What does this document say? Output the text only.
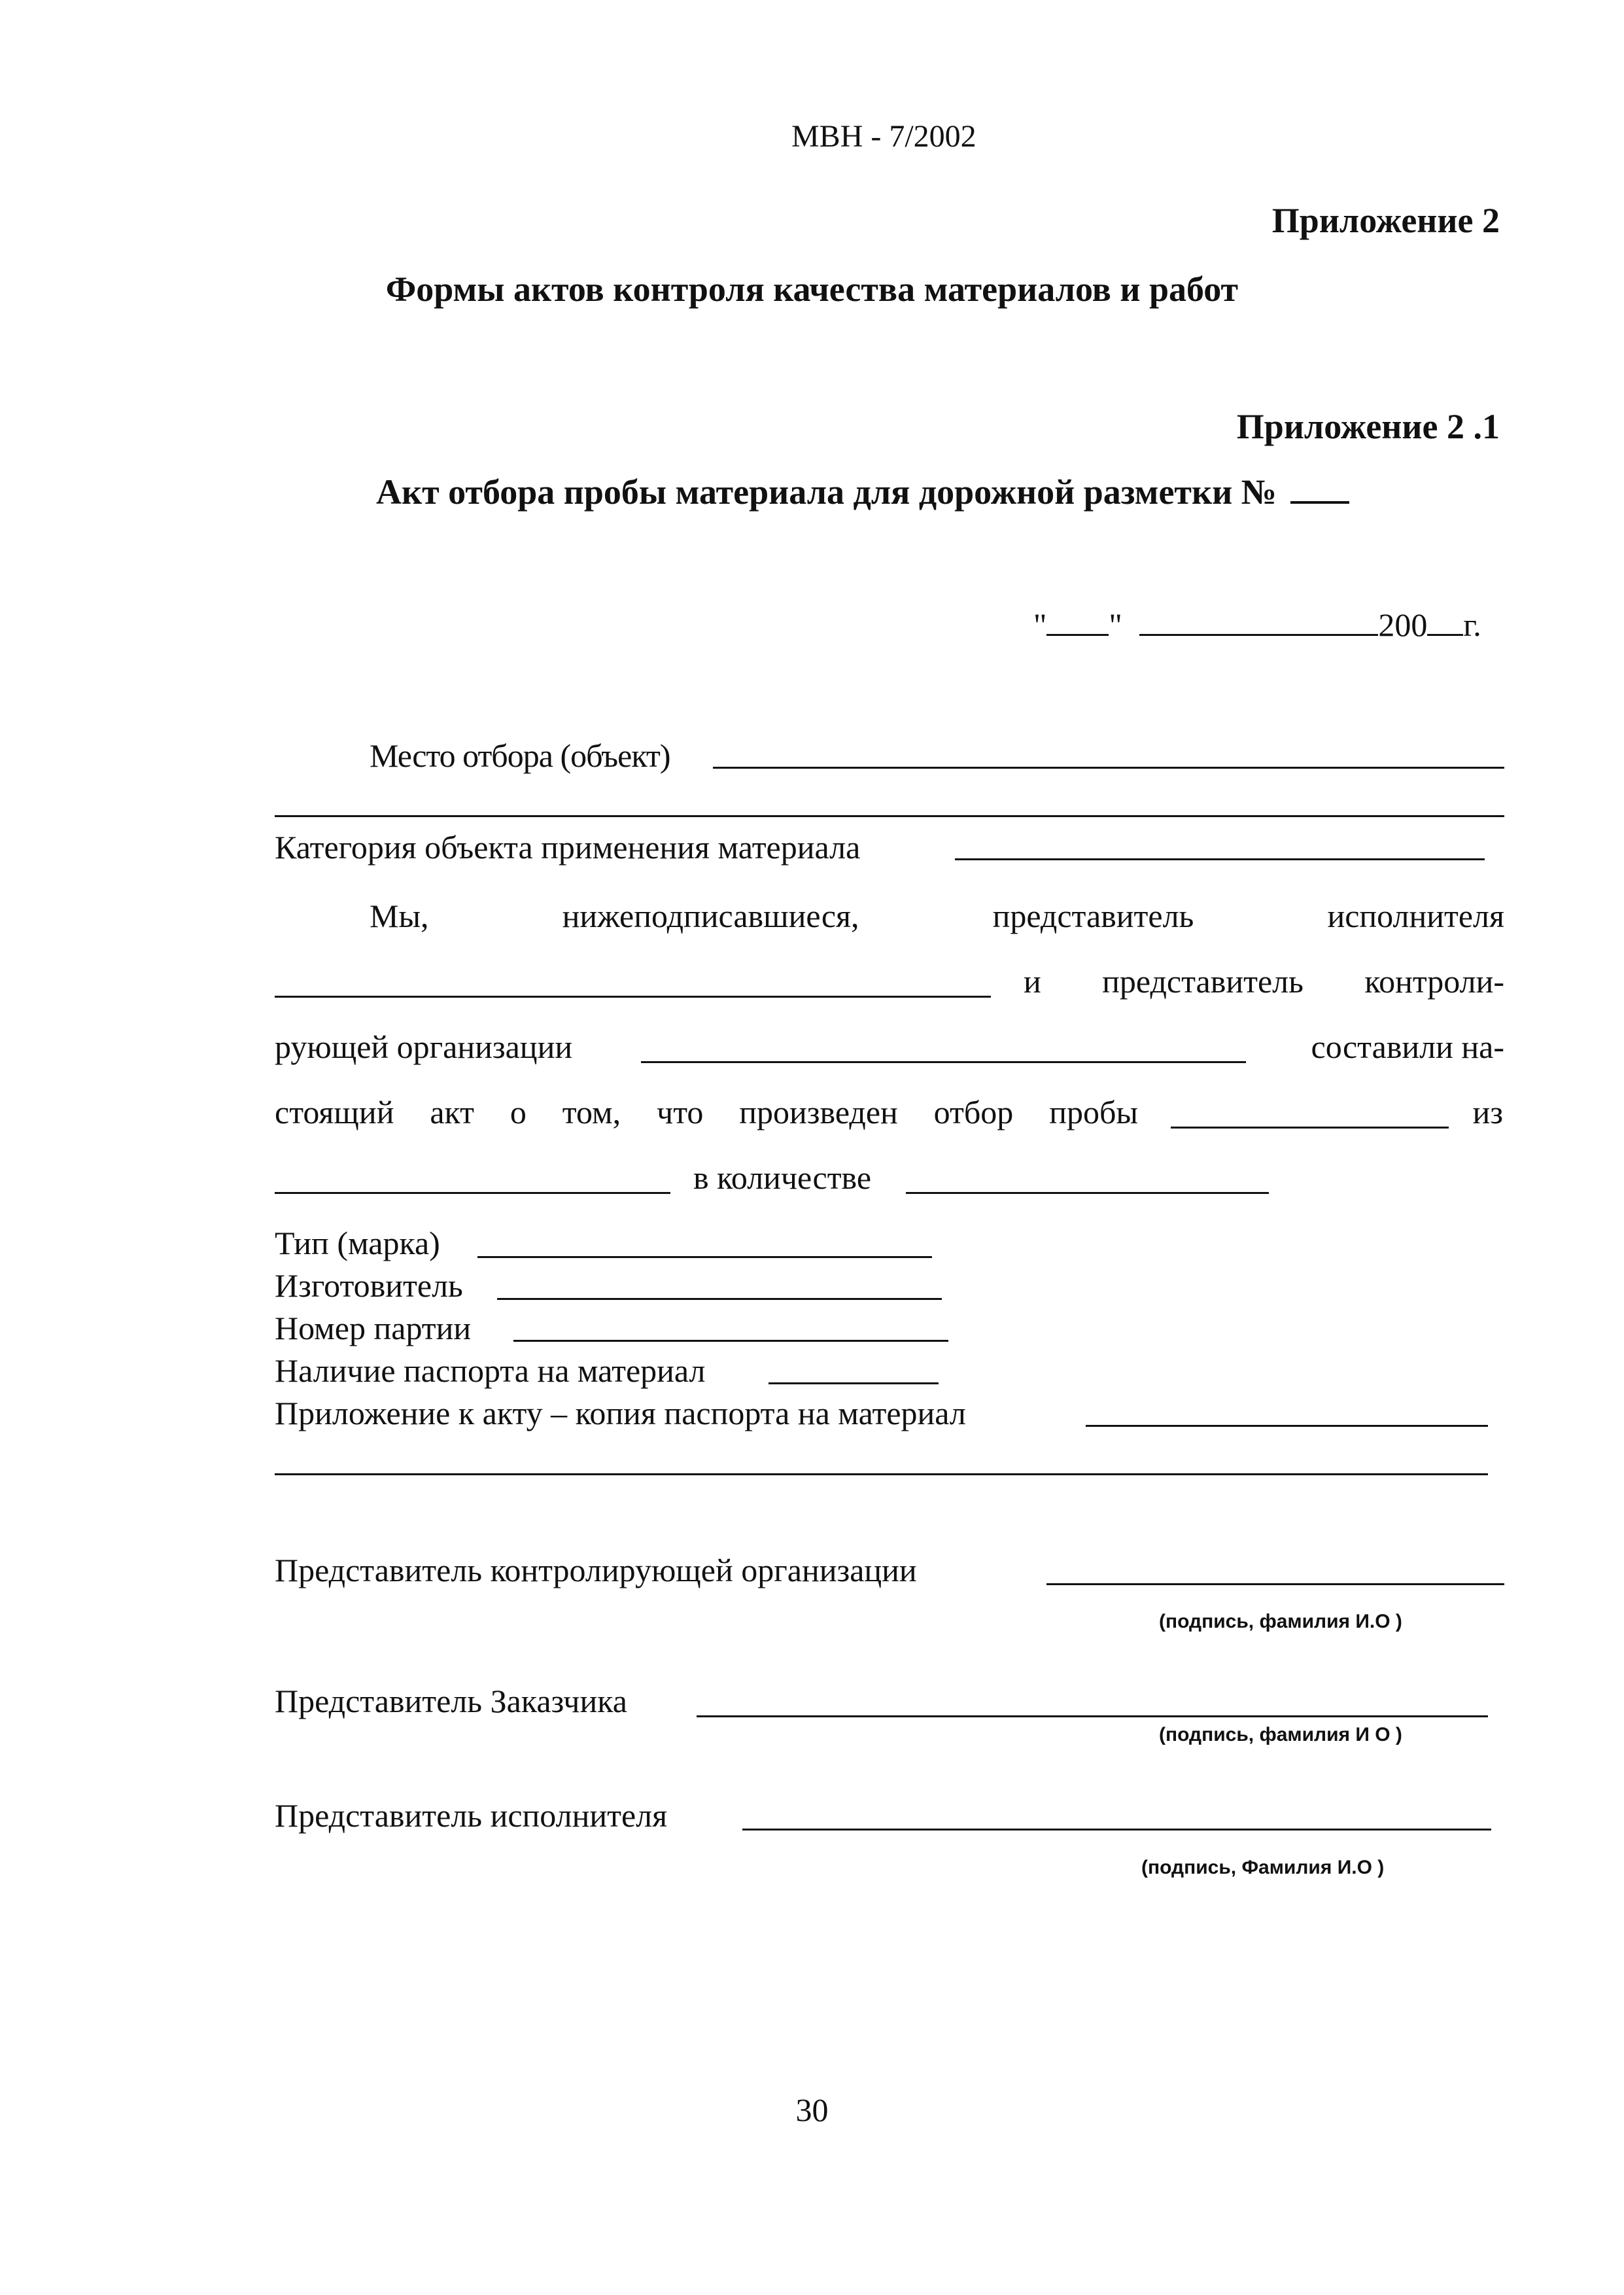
МВН - 7/2002
Приложение 2
Формы актов контроля качества материалов и работ
Приложение 2 .1
Акт отбора пробы материала для дорожной разметки №
" "	200 г.
Место отбора (объект)
Категория объекта применения материала
Мы,	нижеподписавшиеся,	представитель	исполнителя
и представитель контроли-
рующей организации	составили на-
стоящий акт о том, что произведен отбор пробы	из
в количестве
Тип (марка)
Изготовитель
Номер партии
Наличие паспорта на материал
Приложение к акту – копия паспорта на материал
Представитель контролирующей организации
(подпись, фамилия И.О )
Представитель Заказчика
(подпись, фамилия И О )
Представитель исполнителя
(подпись, Фамилия И.О )
30
